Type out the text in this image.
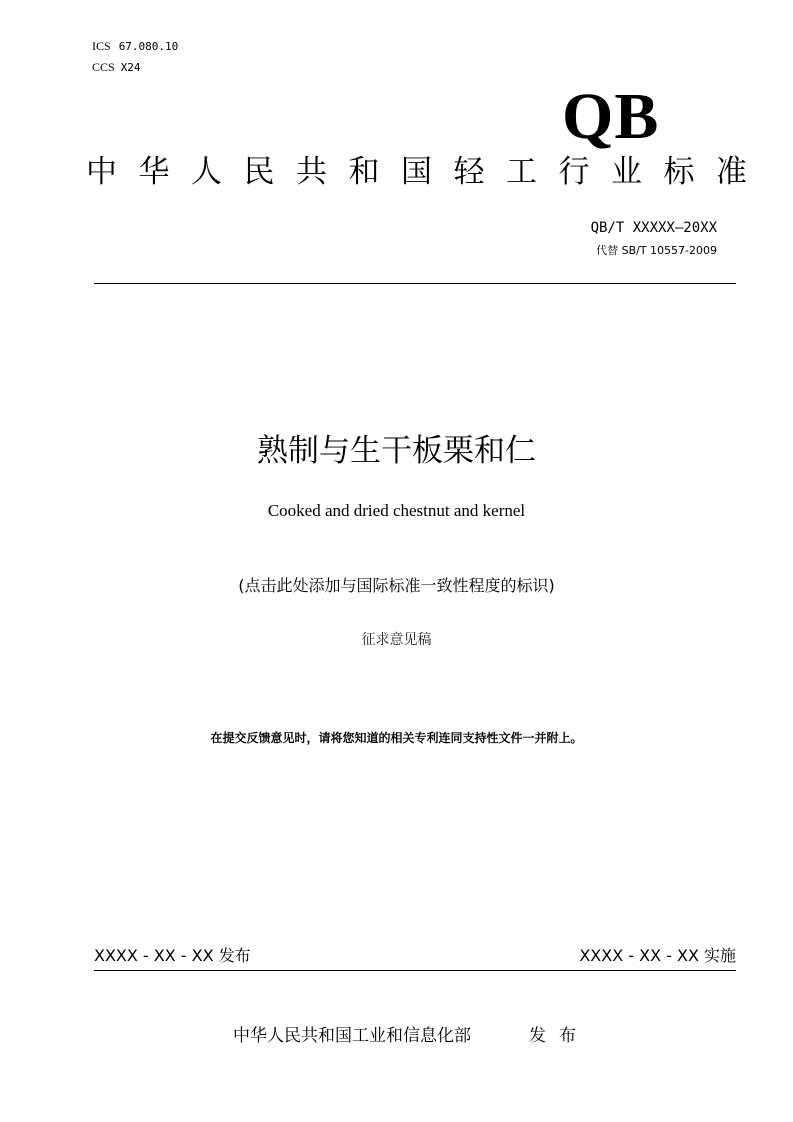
ICS 67.080.10
CCS X24
QB
中华人民共和国轻工行业标准
QB/T XXXXX—20XX
代替 SB/T 10557-2009
熟制与生干板栗和仁
Cooked and dried chestnut and kernel
(点击此处添加与国际标准一致性程度的标识)
征求意见稿
在提交反馈意见时，请将您知道的相关专利连同支持性文件一并附上。
XXXX - XX - XX 发布	XXXX - XX - XX 实施
中华人民共和国工业和信息化部	发布
